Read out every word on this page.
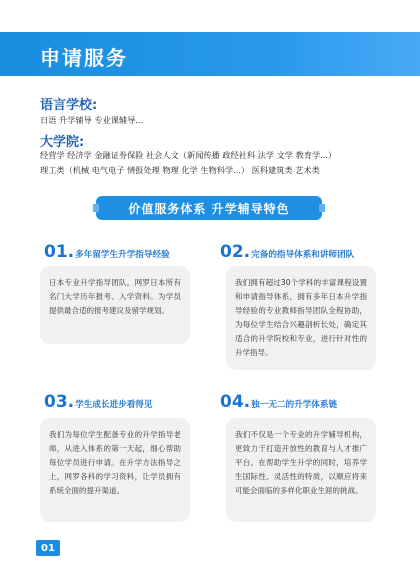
申请服务
语言学校:

日语 升学辅导 专业课辅导...

大学院:

经营学 经济学 金融证券保险 社会人文（新闻传播 政经社科 法学 文学 教育学...）

理工类（机械 电气电子 情报处理 物理 化学 生物科学...） 医科建筑类 艺术类

价值服务体系 升学辅导特色
01. 多年留学生升学指导经验

日本专业升学指导团队，网罗日本所有名门大学历年报考、入学资料。为学员提供最合适的报考建议及留学规划。

02. 完备的指导体系和讲师团队

我们拥有超过30个学科的丰富课程设置和申请指导体系，拥有多年日本升学指导经验的专业教师指导团队全程协助，为每位学生结合兴趣剖析长处，确定其适合的升学院校和专业，进行针对性的升学指导。

03. 学生成长进步看得见

我们为每位学生配备专业的升学指导老师，从进入体系的第一天起，细心帮助每位学员进行申请。在升学方法指导之上，网罗各科的学习资料，让学员拥有系统全面的提升渠道。

04. 独一无二的升学体系链

我们不仅是一个专业的升学辅导机构，更致力于打造开放性的教育与人才推广平台。在帮助学生升学的同时，培养学生国际性、灵活性的特质，以顺应将来可能会面临的多样化职业生涯的挑战。

01
